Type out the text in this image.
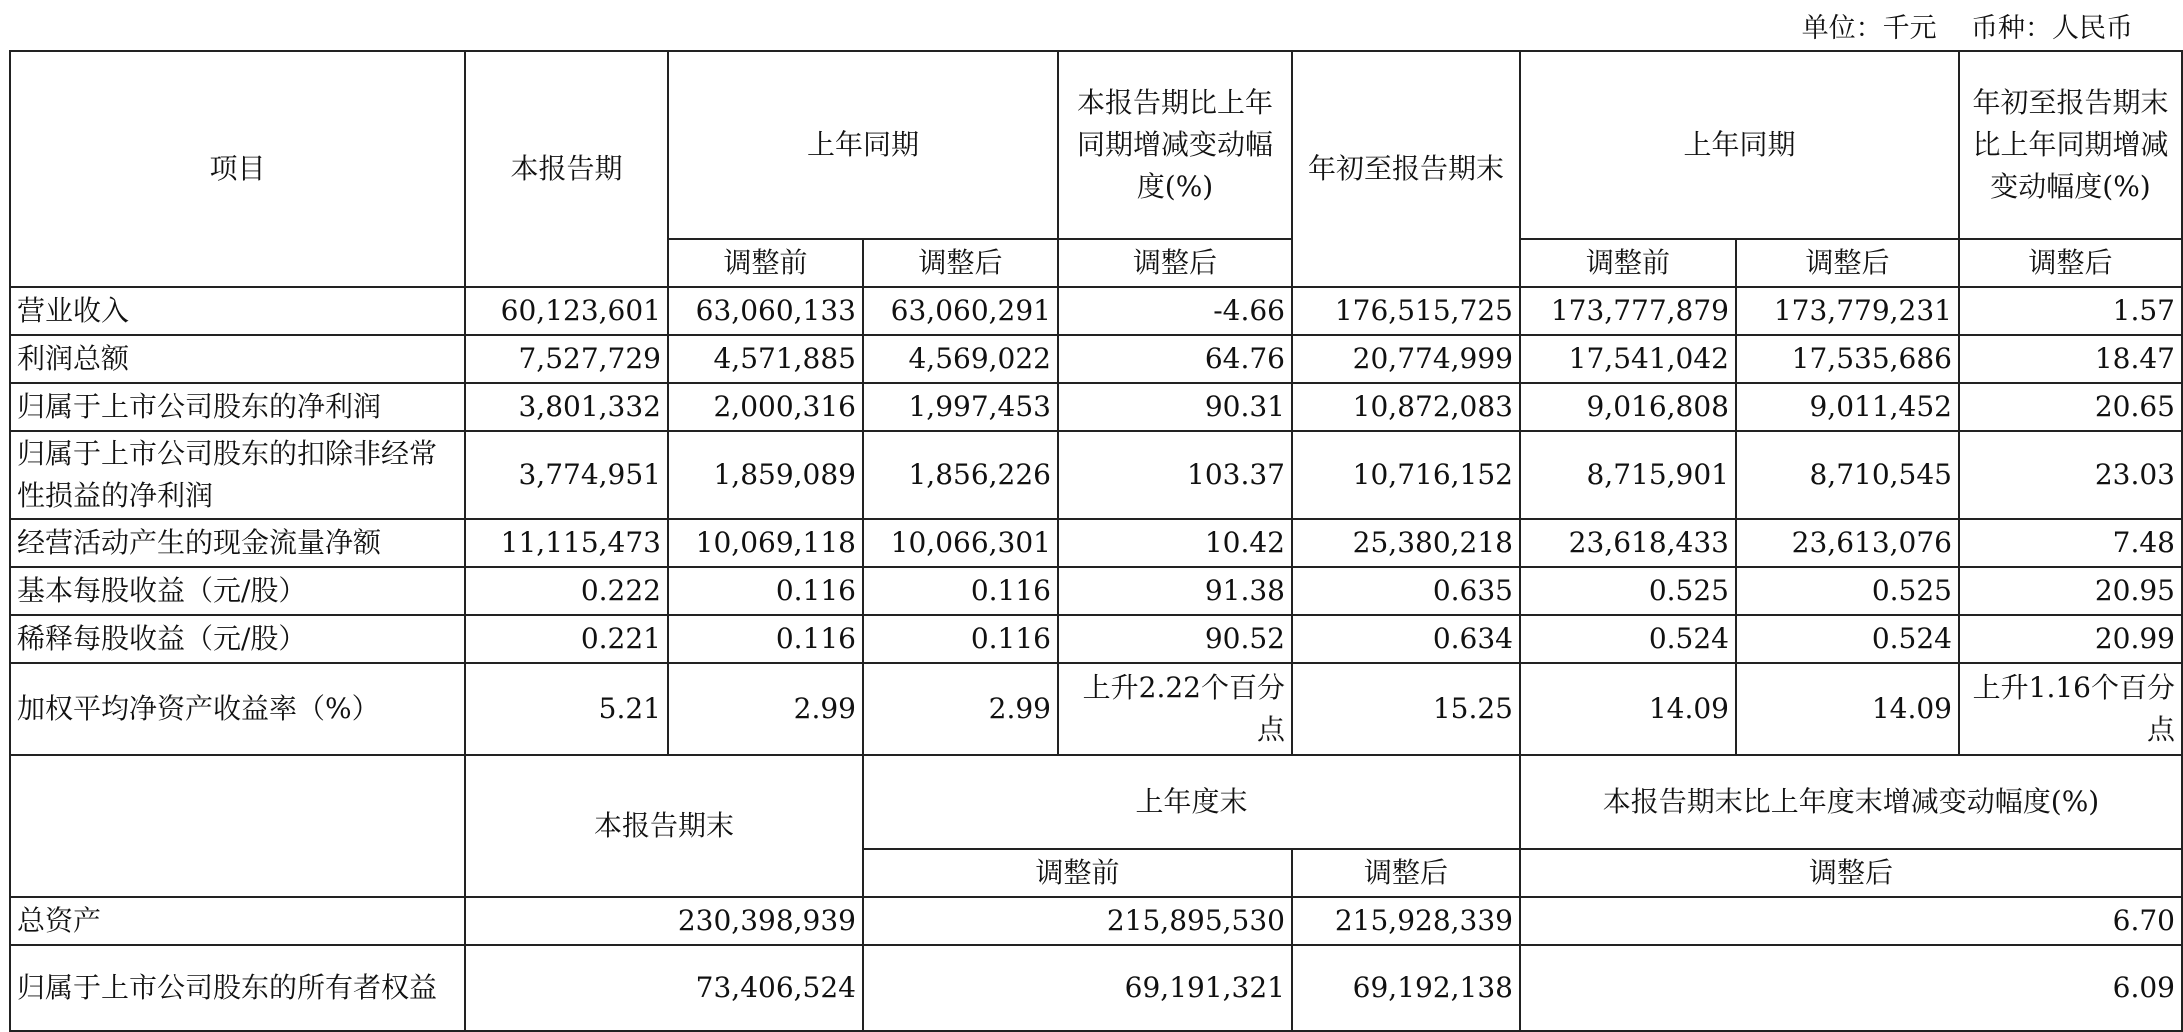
单位：千元    币种：人民币
项目	本报告期	上年同期		本报告期比上年同期增减变动幅度(%)	年初至报告期末	上年同期		年初至报告期末比上年同期增减变动幅度(%)
		调整前	调整后	调整后		调整前	调整后	调整后
营业收入	60,123,601	63,060,133	63,060,291	-4.66	176,515,725	173,777,879	173,779,231	1.57
利润总额	7,527,729	4,571,885	4,569,022	64.76	20,774,999	17,541,042	17,535,686	18.47
归属于上市公司股东的净利润	3,801,332	2,000,316	1,997,453	90.31	10,872,083	9,016,808	9,011,452	20.65
归属于上市公司股东的扣除非经常性损益的净利润	3,774,951	1,859,089	1,856,226	103.37	10,716,152	8,715,901	8,710,545	23.03
经营活动产生的现金流量净额	11,115,473	10,069,118	10,066,301	10.42	25,380,218	23,618,433	23,613,076	7.48
基本每股收益（元/股）	0.222	0.116	0.116	91.38	0.635	0.525	0.525	20.95
稀释每股收益（元/股）	0.221	0.116	0.116	90.52	0.634	0.524	0.524	20.99
加权平均净资产收益率（%）	5.21	2.99	2.99	上升2.22个百分点	15.25	14.09	14.09	上升1.16个百分点
	本报告期末		上年度末			本报告期末比上年度末增减变动幅度(%)		
			调整前		调整后	调整后		
总资产	230,398,939		215,895,530		215,928,339	6.70		
归属于上市公司股东的所有者权益	73,406,524		69,191,321		69,192,138	6.09		
